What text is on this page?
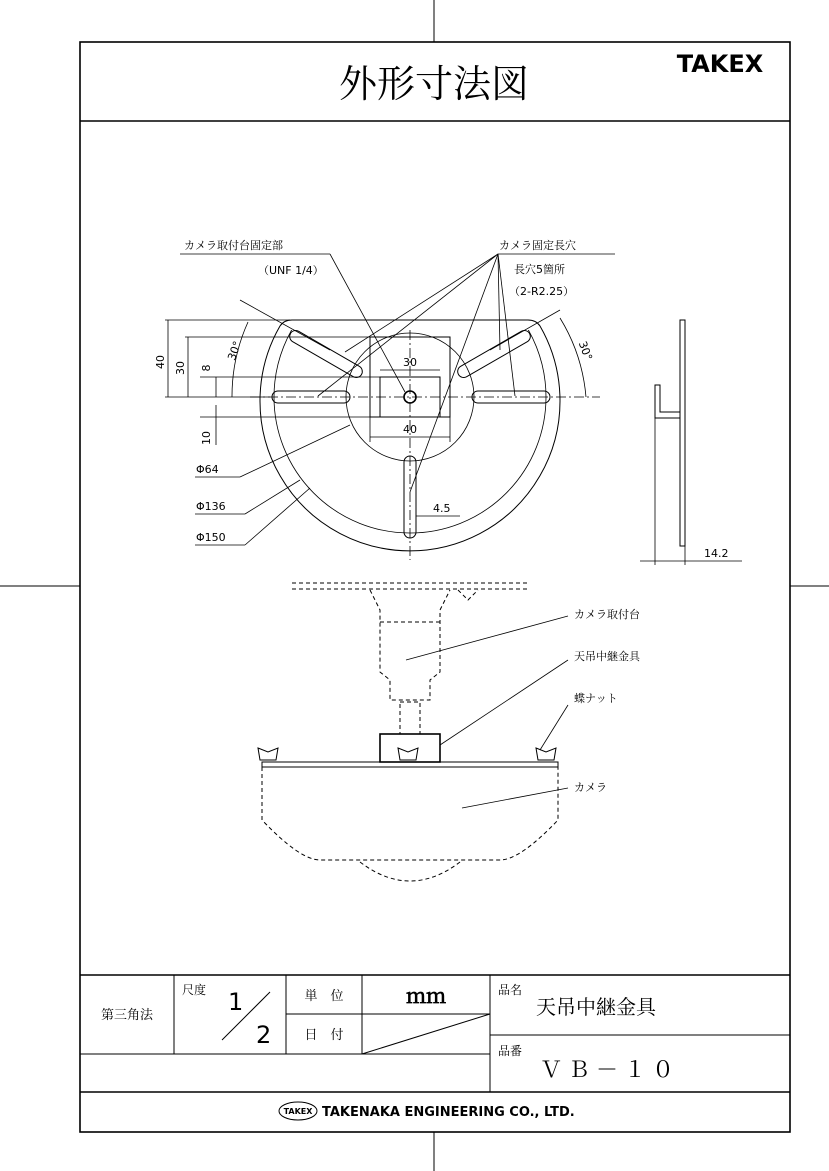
外形寸法図	TAKEX
40 30 8
10
30
40
30°	30°
Φ64
Φ136
Φ150
4.5
カメラ取付台固定部
（UNF 1/4）
カメラ固定長穴
長穴5箇所
（2-R2.25）
14.2
カメラ取付台
天吊中継金具
蝶ナット
カメラ
第三角法
尺度 1
2
単　位	ｍｍ
日　付
品名
天吊中継金具
品番
ＶＢ－１０
TAKEX TAKENAKA ENGINEERING CO., LTD.
